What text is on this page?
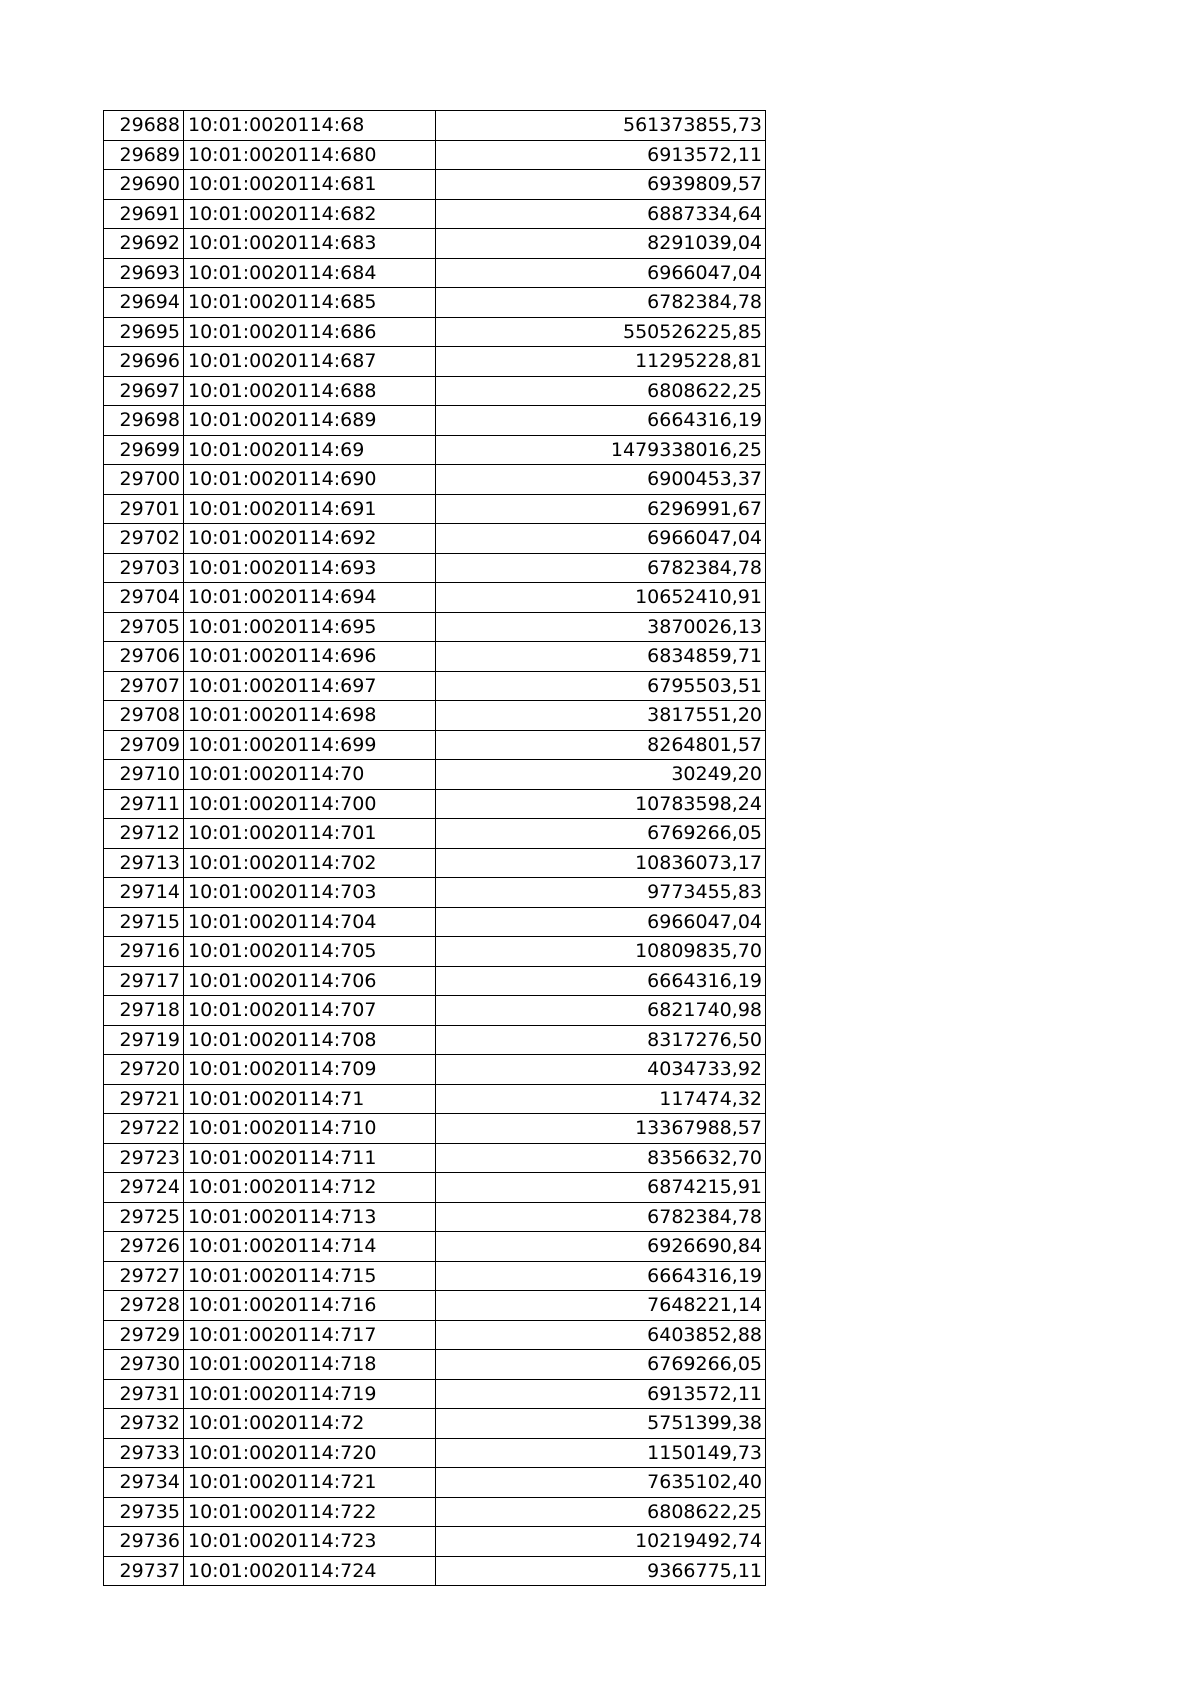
29688	10:01:0020114:68	561373855,73
29689	10:01:0020114:680	6913572,11
29690	10:01:0020114:681	6939809,57
29691	10:01:0020114:682	6887334,64
29692	10:01:0020114:683	8291039,04
29693	10:01:0020114:684	6966047,04
29694	10:01:0020114:685	6782384,78
29695	10:01:0020114:686	550526225,85
29696	10:01:0020114:687	11295228,81
29697	10:01:0020114:688	6808622,25
29698	10:01:0020114:689	6664316,19
29699	10:01:0020114:69	1479338016,25
29700	10:01:0020114:690	6900453,37
29701	10:01:0020114:691	6296991,67
29702	10:01:0020114:692	6966047,04
29703	10:01:0020114:693	6782384,78
29704	10:01:0020114:694	10652410,91
29705	10:01:0020114:695	3870026,13
29706	10:01:0020114:696	6834859,71
29707	10:01:0020114:697	6795503,51
29708	10:01:0020114:698	3817551,20
29709	10:01:0020114:699	8264801,57
29710	10:01:0020114:70	30249,20
29711	10:01:0020114:700	10783598,24
29712	10:01:0020114:701	6769266,05
29713	10:01:0020114:702	10836073,17
29714	10:01:0020114:703	9773455,83
29715	10:01:0020114:704	6966047,04
29716	10:01:0020114:705	10809835,70
29717	10:01:0020114:706	6664316,19
29718	10:01:0020114:707	6821740,98
29719	10:01:0020114:708	8317276,50
29720	10:01:0020114:709	4034733,92
29721	10:01:0020114:71	117474,32
29722	10:01:0020114:710	13367988,57
29723	10:01:0020114:711	8356632,70
29724	10:01:0020114:712	6874215,91
29725	10:01:0020114:713	6782384,78
29726	10:01:0020114:714	6926690,84
29727	10:01:0020114:715	6664316,19
29728	10:01:0020114:716	7648221,14
29729	10:01:0020114:717	6403852,88
29730	10:01:0020114:718	6769266,05
29731	10:01:0020114:719	6913572,11
29732	10:01:0020114:72	5751399,38
29733	10:01:0020114:720	1150149,73
29734	10:01:0020114:721	7635102,40
29735	10:01:0020114:722	6808622,25
29736	10:01:0020114:723	10219492,74
29737	10:01:0020114:724	9366775,11
